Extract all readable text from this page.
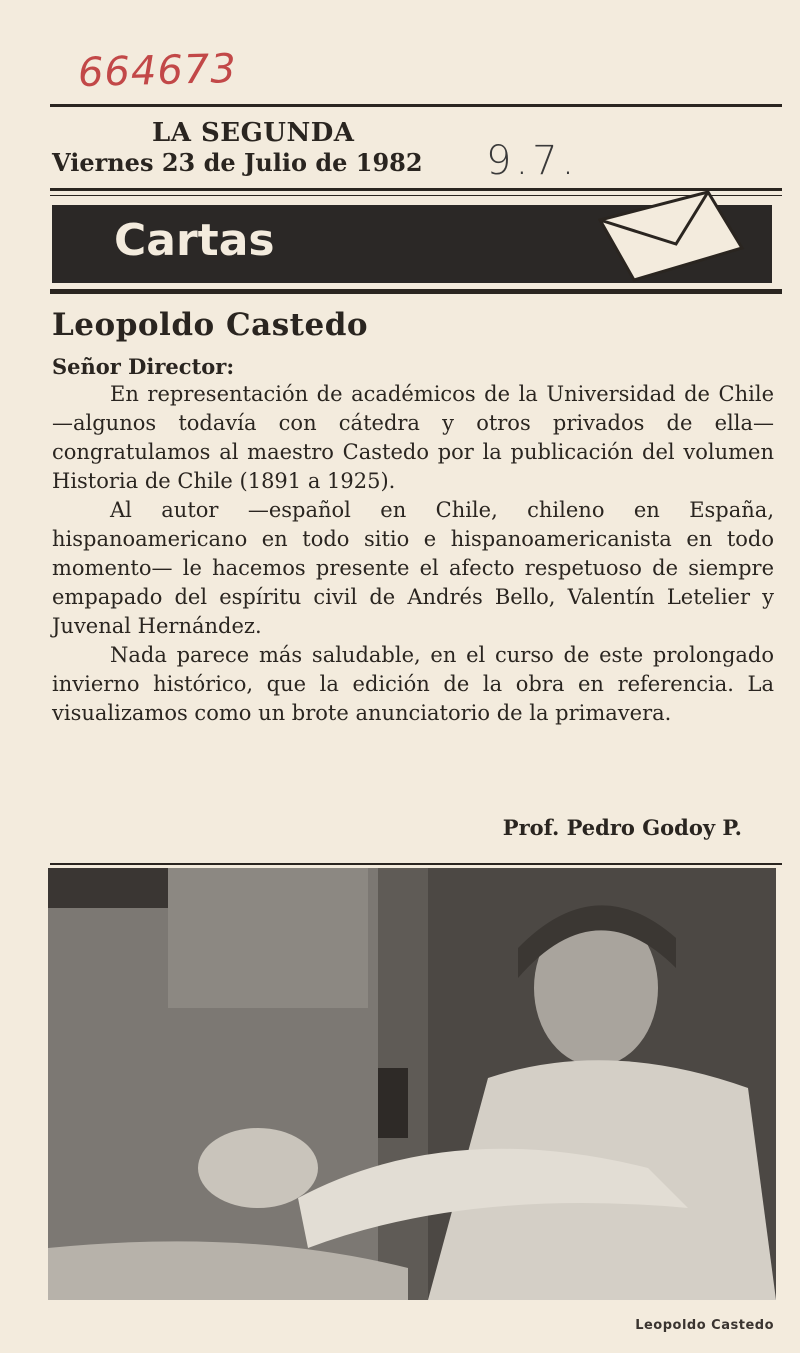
664673
LA SEGUNDA
Viernes 23 de Julio de 1982 9.7.
Cartas
Leopoldo Castedo
Señor Director:

En representación de académicos de la Universidad de Chile —algunos todavía con cátedra y otros privados de ella— congratulamos al maestro Castedo por la publicación del volumen Historia de Chile (1891 a 1925).

Al autor —español en Chile, chileno en España, hispanoamericano en todo sitio e hispanoamericanista en todo momento— le hacemos presente el afecto respetuoso de siempre empapado del espíritu civil de Andrés Bello, Valentín Letelier y Juvenal Hernández.

Nada parece más saludable, en el curso de este prolongado invierno histórico, que la edición de la obra en referencia. La visualizamos como un brote anunciatorio de la primavera.

Prof. Pedro Godoy P.
Leopoldo Castedo
